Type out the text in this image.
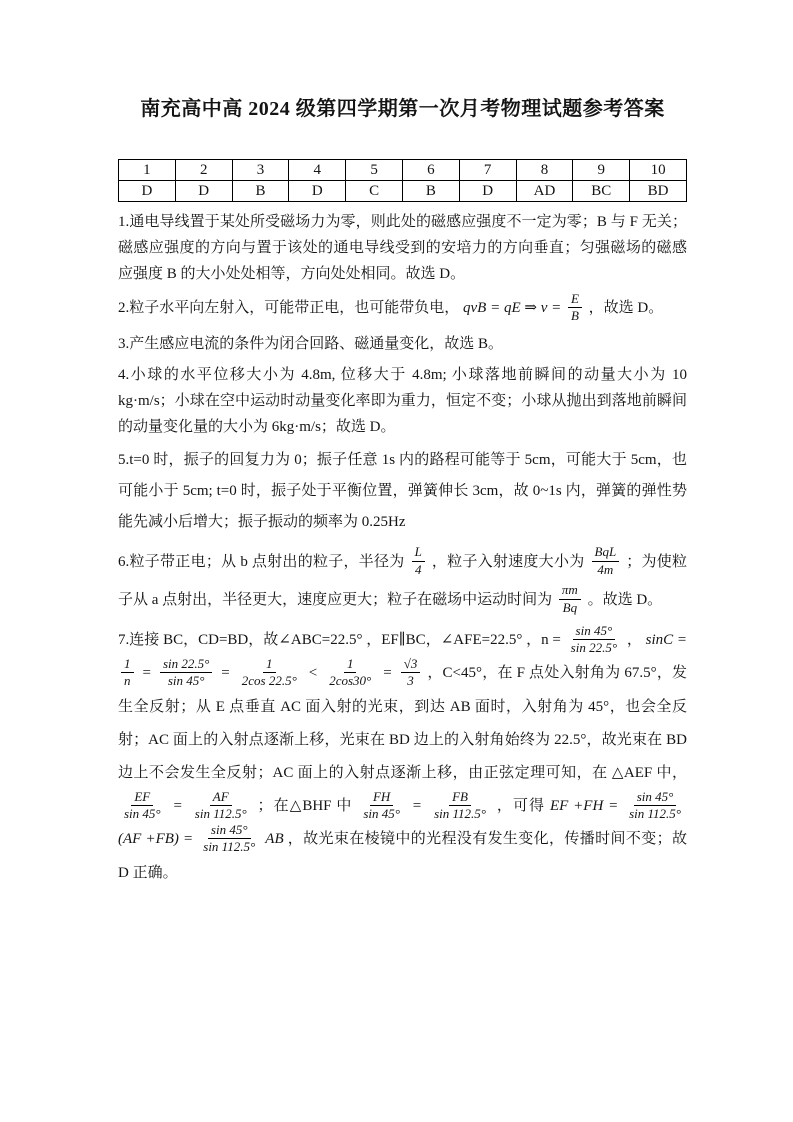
南充高中高 2024 级第四学期第一次月考物理试题参考答案
1	2	3	4	5	6	7	8	9	10
D	D	B	D	C	B	D	AD	BC	BD

1.通电导线置于某处所受磁场力为零，则此处的磁感应强度不一定为零；B 与 F 无关；磁感应强度的方向与置于该处的通电导线受到的安培力的方向垂直；匀强磁场的磁感应强度 B 的大小处处相等，方向处处相同。故选 D。

2.粒子水平向左射入，可能带正电，也可能带负电， qvB = qE ⇒ $v = \frac{E}{B}$ ，故选 D。

3.产生感应电流的条件为闭合回路、磁通量变化，故选 B。

4.小球的水平位移大小为 4.8m, 位移大于 4.8m; 小球落地前瞬间的动量大小为 10 kg·m/s；小球在空中运动时动量变化率即为重力，恒定不变；小球从抛出到落地前瞬间的动量变化量的大小为 6kg·m/s；故选 D。

5.t=0 时，振子的回复力为 0；振子任意 1s 内的路程可能等于 5cm，可能大于 5cm，也可能小于 5cm; t=0 时，振子处于平衡位置，弹簧伸长 3cm，故 0~1s 内，弹簧的弹性势能先减小后增大；振子振动的频率为 0.25Hz

6.粒子带正电；从 b 点射出的粒子，半径为 $\frac{L}{4}$ ，粒子入射速度大小为 $\frac{\text{BqL}}{4m}$ ；为使粒子从 a 点射出，半径更大，速度应更大；粒子在磁场中运动时间为 $\frac{\pi m}{Bq}$ 。故选 D。

7.连接 BC，CD=BD，故∠ABC=22.5° ，EF∥BC，∠AFE=22.5° ，$n = \frac{\sin 45^\circ}{\sin 22.5^\circ}$ ， sinC =
$\frac{1}{n} = \frac{\sin 22.5^\circ}{\sin 45^\circ} = \frac{1}{2\cos 22.5^\circ} < \frac{1}{2\cos 30^\circ} = \frac{√3}{3}$ ，C<45°，在 F 点处入射角为 67.5°，发生全反射；从 E 点垂直 AC 面入射的光束，到达 AB 面时，入射角为 45°，也会全反射；AC 面上的入射点逐渐上移，光束在 BD 边上的入射角始终为 22.5°，故光束在 BD 边上不会发生全反射；AC 面上的入射点逐渐上移，由正弦定理可知，在 △AEF 中，
$\frac{EF}{\sin 45^\circ} = \frac{AF}{\sin 112.5^\circ}$ ；在△BHF 中 $\frac{FH}{\sin 45^\circ} = \frac{FB}{\sin 112.5^\circ}$ ，可得 EF $+FH = \frac{\sin 45^\circ}{\sin 112.5^\circ}$
$(AF +FB) = \frac{\sin 45^\circ}{\sin 112.5^\circ}$ AB ，故光束在棱镜中的光程没有发生变化，传播时间不变；故 D 正确。
